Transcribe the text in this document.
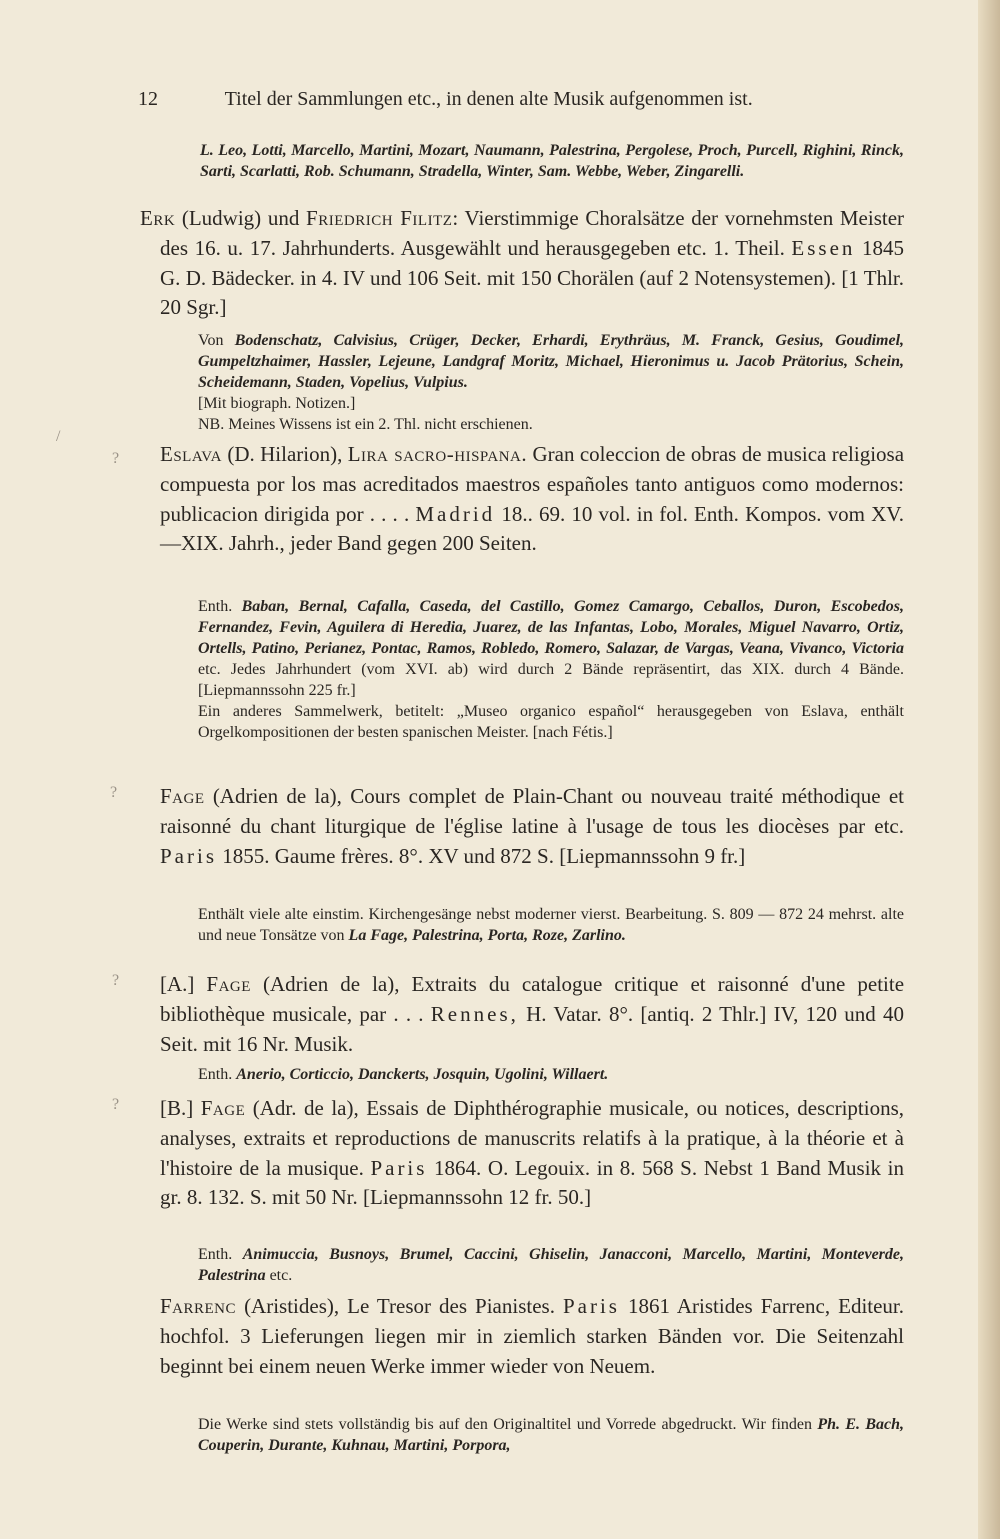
12	Titel der Sammlungen etc., in denen alte Musik aufgenommen ist.
L. Leo, Lotti, Marcello, Martini, Mozart, Naumann, Palestrina, Pergolese, Proch, Purcell, Righini, Rinck, Sarti, Scarlatti, Rob. Schumann, Stradella, Winter, Sam. Webbe, Weber, Zingarelli.
Erk (Ludwig) und Friedrich Filitz: Vierstimmige Choralsätze der vornehmsten Meister des 16. u. 17. Jahrhunderts. Ausgewählt und herausgegeben etc. 1. Theil. Essen 1845 G. D. Bädecker. in 4. IV und 106 Seit. mit 150 Chorälen (auf 2 Notensystemen). [1 Thlr. 20 Sgr.]
Von Bodenschatz, Calvisius, Crüger, Decker, Erhardi, Erythräus, M. Franck, Gesius, Goudimel, Gumpeltzhaimer, Hassler, Lejeune, Landgraf Moritz, Michael, Hieronimus u. Jacob Prätorius, Schein, Scheidemann, Staden, Vopelius, Vulpius.
[Mit biograph. Notizen.]
NB. Meines Wissens ist ein 2. Thl. nicht erschienen.
Eslava (D. Hilarion), Lira sacro-hispana. Gran coleccion de obras de musica religiosa compuesta por los mas acreditados maestros españoles tanto antiguos como modernos: publicacion dirigida por . . . . Madrid 18.. 69. 10 vol. in fol. Enth. Kompos. vom XV.—XIX. Jahrh., jeder Band gegen 200 Seiten.
Enth. Baban, Bernal, Cafalla, Caseda, del Castillo, Gomez Camargo, Ceballos, Duron, Escobedos, Fernandez, Fevin, Aguilera di Heredia, Juarez, de las Infantas, Lobo, Morales, Miguel Navarro, Ortiz, Ortells, Patino, Perianez, Pontac, Ramos, Robledo, Romero, Salazar, de Vargas, Veana, Vivanco, Victoria etc. Jedes Jahrhundert (vom XVI. ab) wird durch 2 Bände repräsentirt, das XIX. durch 4 Bände. [Liepmannssohn 225 fr.]
Ein anderes Sammelwerk, betitelt: „Museo organico español“ herausgegeben von Eslava, enthält Orgelkompositionen der besten spanischen Meister. [nach Fétis.]
Fage (Adrien de la), Cours complet de Plain-Chant ou nouveau traité méthodique et raisonné du chant liturgique de l'église latine à l'usage de tous les diocèses par etc. Paris 1855. Gaume frères. 8°. XV und 872 S. [Liepmannssohn 9 fr.]
Enthält viele alte einstim. Kirchengesänge nebst moderner vierst. Bearbeitung. S. 809 — 872 24 mehrst. alte und neue Tonsätze von La Fage, Palestrina, Porta, Roze, Zarlino.
[A.] Fage (Adrien de la), Extraits du catalogue critique et raisonné d'une petite bibliothèque musicale, par . . . Rennes, H. Vatar. 8°. [antiq. 2 Thlr.] IV, 120 und 40 Seit. mit 16 Nr. Musik.
Enth. Anerio, Corticcio, Danckerts, Josquin, Ugolini, Willaert.
[B.] Fage (Adr. de la), Essais de Diphthérographie musicale, ou notices, descriptions, analyses, extraits et reproductions de manuscrits relatifs à la pratique, à la théorie et à l'histoire de la musique. Paris 1864. O. Legouix. in 8. 568 S. Nebst 1 Band Musik in gr. 8. 132. S. mit 50 Nr. [Liepmannssohn 12 fr. 50.]
Enth. Animuccia, Busnoys, Brumel, Caccini, Ghiselin, Janacconi, Marcello, Martini, Monteverde, Palestrina etc.
Farrenc (Aristides), Le Tresor des Pianistes. Paris 1861 Aristides Farrenc, Editeur. hochfol. 3 Lieferungen liegen mir in ziemlich starken Bänden vor. Die Seitenzahl beginnt bei einem neuen Werke immer wieder von Neuem.
Die Werke sind stets vollständig bis auf den Originaltitel und Vorrede abgedruckt. Wir finden Ph. E. Bach, Couperin, Durante, Kuhnau, Martini, Porpora,
/
?
?
?
?
